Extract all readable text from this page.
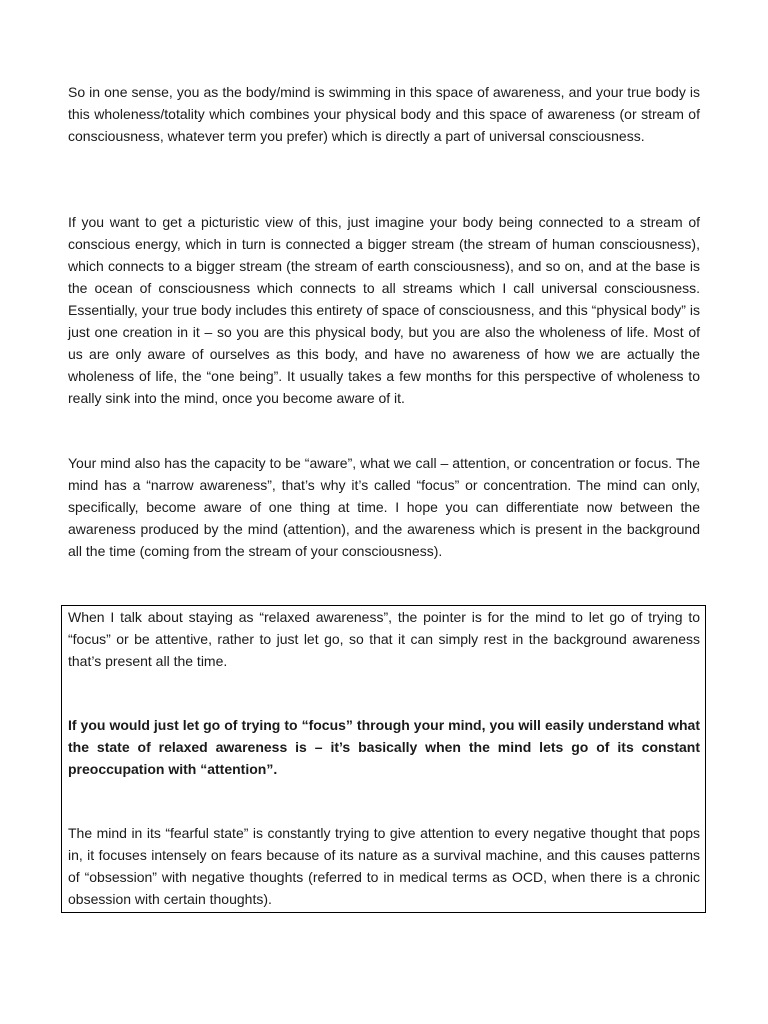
So in one sense, you as the body/mind is swimming in this space of awareness, and your true body is this wholeness/totality which combines your physical body and this space of awareness (or stream of consciousness, whatever term you prefer) which is directly a part of universal consciousness.

If you want to get a picturistic view of this, just imagine your body being connected to a stream of conscious energy, which in turn is connected a bigger stream (the stream of human consciousness), which connects to a bigger stream (the stream of earth consciousness), and so on, and at the base is the ocean of consciousness which connects to all streams which I call universal consciousness. Essentially, your true body includes this entirety of space of consciousness, and this “physical body” is just one creation in it – so you are this physical body, but you are also the wholeness of life. Most of us are only aware of ourselves as this body, and have no awareness of how we are actually the wholeness of life, the “one being”. It usually takes a few months for this perspective of wholeness to really sink into the mind, once you become aware of it.

Your mind also has the capacity to be “aware”, what we call – attention, or concentration or focus. The mind has a “narrow awareness”, that’s why it’s called “focus” or concentration. The mind can only, specifically, become aware of one thing at time. I hope you can differentiate now between the awareness produced by the mind (attention), and the awareness which is present in the background all the time (coming from the stream of your consciousness).

When I talk about staying as “relaxed awareness”, the pointer is for the mind to let go of trying to “focus” or be attentive, rather to just let go, so that it can simply rest in the background awareness that’s present all the time.

If you would just let go of trying to “focus” through your mind, you will easily understand what the state of relaxed awareness is – it’s basically when the mind lets go of its constant preoccupation with “attention”.

The mind in its “fearful state” is constantly trying to give attention to every negative thought that pops in, it focuses intensely on fears because of its nature as a survival machine, and this causes patterns of “obsession” with negative thoughts (referred to in medical terms as OCD, when there is a chronic obsession with certain thoughts).
